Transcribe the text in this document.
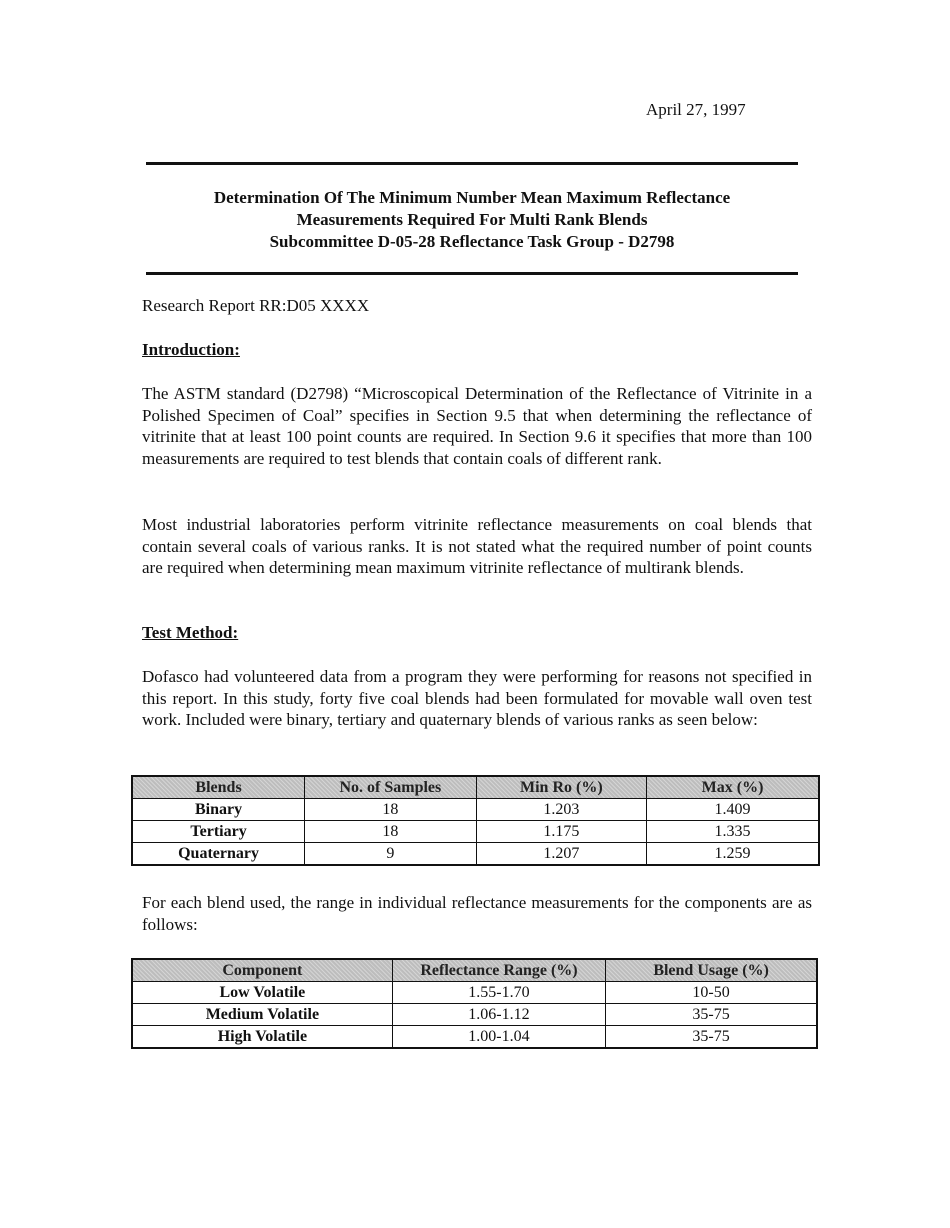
April 27, 1997
Determination Of The Minimum Number Mean Maximum Reflectance
Measurements Required For Multi Rank Blends
Subcommittee D-05-28 Reflectance Task Group - D2798
Research Report RR:D05 XXXX
Introduction:
The ASTM standard (D2798) “Microscopical Determination of the Reflectance of Vitrinite in a Polished Specimen of Coal” specifies in Section 9.5 that when determining the reflectance of vitrinite that at least 100 point counts are required. In Section 9.6 it specifies that more than 100 measurements are required to test blends that contain coals of different rank.
Most industrial laboratories perform vitrinite reflectance measurements on coal blends that contain several coals of various ranks. It is not stated what the required number of point counts are required when determining mean maximum vitrinite reflectance of multirank blends.
Test Method:
Dofasco had volunteered data from a program they were performing for reasons not specified in this report. In this study, forty five coal blends had been formulated for movable wall oven test work. Included were binary, tertiary and quaternary blends of various ranks as seen below:
Blends	No. of Samples	Min Ro (%)	Max (%)
Binary	18	1.203	1.409
Tertiary	18	1.175	1.335
Quaternary	9	1.207	1.259
For each blend used, the range in individual reflectance measurements for the components are as follows:
Component	Reflectance Range (%)	Blend Usage (%)
Low Volatile	1.55-1.70	10-50
Medium Volatile	1.06-1.12	35-75
High Volatile	1.00-1.04	35-75
